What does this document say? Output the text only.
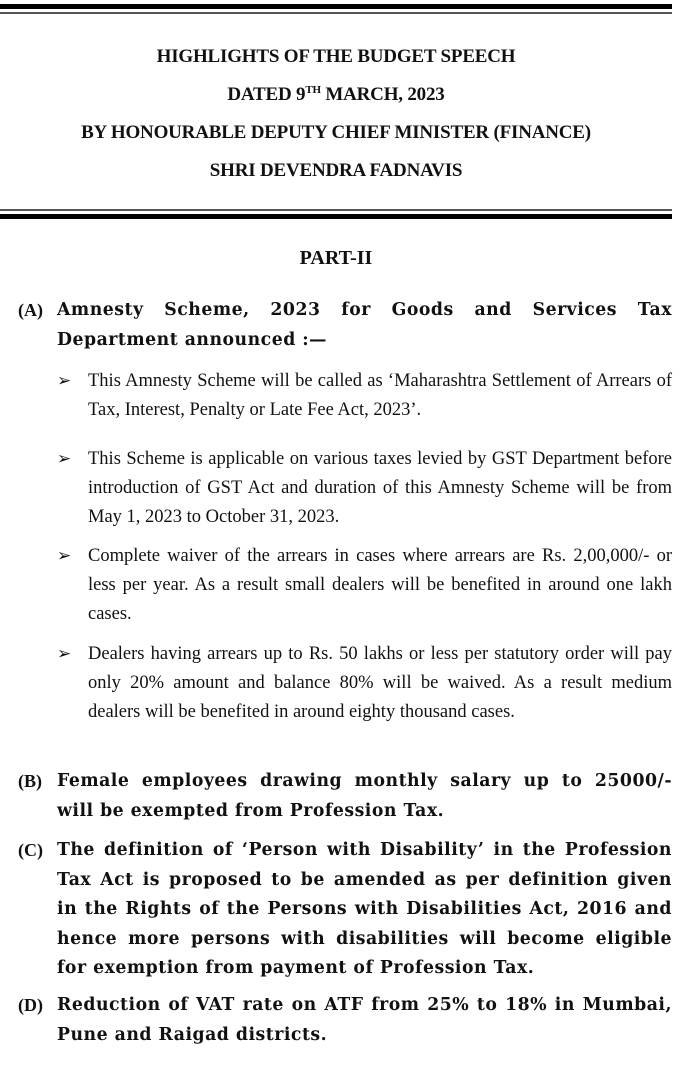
HIGHLIGHTS OF THE BUDGET SPEECH
DATED 9TH MARCH, 2023
BY HONOURABLE DEPUTY CHIEF MINISTER (FINANCE)
SHRI DEVENDRA FADNAVIS
PART-II
(A) Amnesty Scheme, 2023 for Goods and Services Tax Department announced :—
➢ This Amnesty Scheme will be called as ‘Maharashtra Settlement of Arrears of Tax, Interest, Penalty or Late Fee Act, 2023’.
➢ This Scheme is applicable on various taxes levied by GST Department before introduction of GST Act and duration of this Amnesty Scheme will be from May 1, 2023 to October 31, 2023.
➢ Complete waiver of the arrears in cases where arrears are Rs. 2,00,000/- or less per year. As a result small dealers will be benefited in around one lakh cases.
➢ Dealers having arrears up to Rs. 50 lakhs or less per statutory order will pay only 20% amount and balance 80% will be waived. As a result medium dealers will be benefited in around eighty thousand cases.
(B) Female employees drawing monthly salary up to 25000/- will be exempted from Profession Tax.
(C) The definition of ‘Person with Disability’ in the Profession Tax Act is proposed to be amended as per definition given in the Rights of the Persons with Disabilities Act, 2016 and hence more persons with disabilities will become eligible for exemption from payment of Profession Tax.
(D) Reduction of VAT rate on ATF from 25% to 18% in Mumbai, Pune and Raigad districts.
